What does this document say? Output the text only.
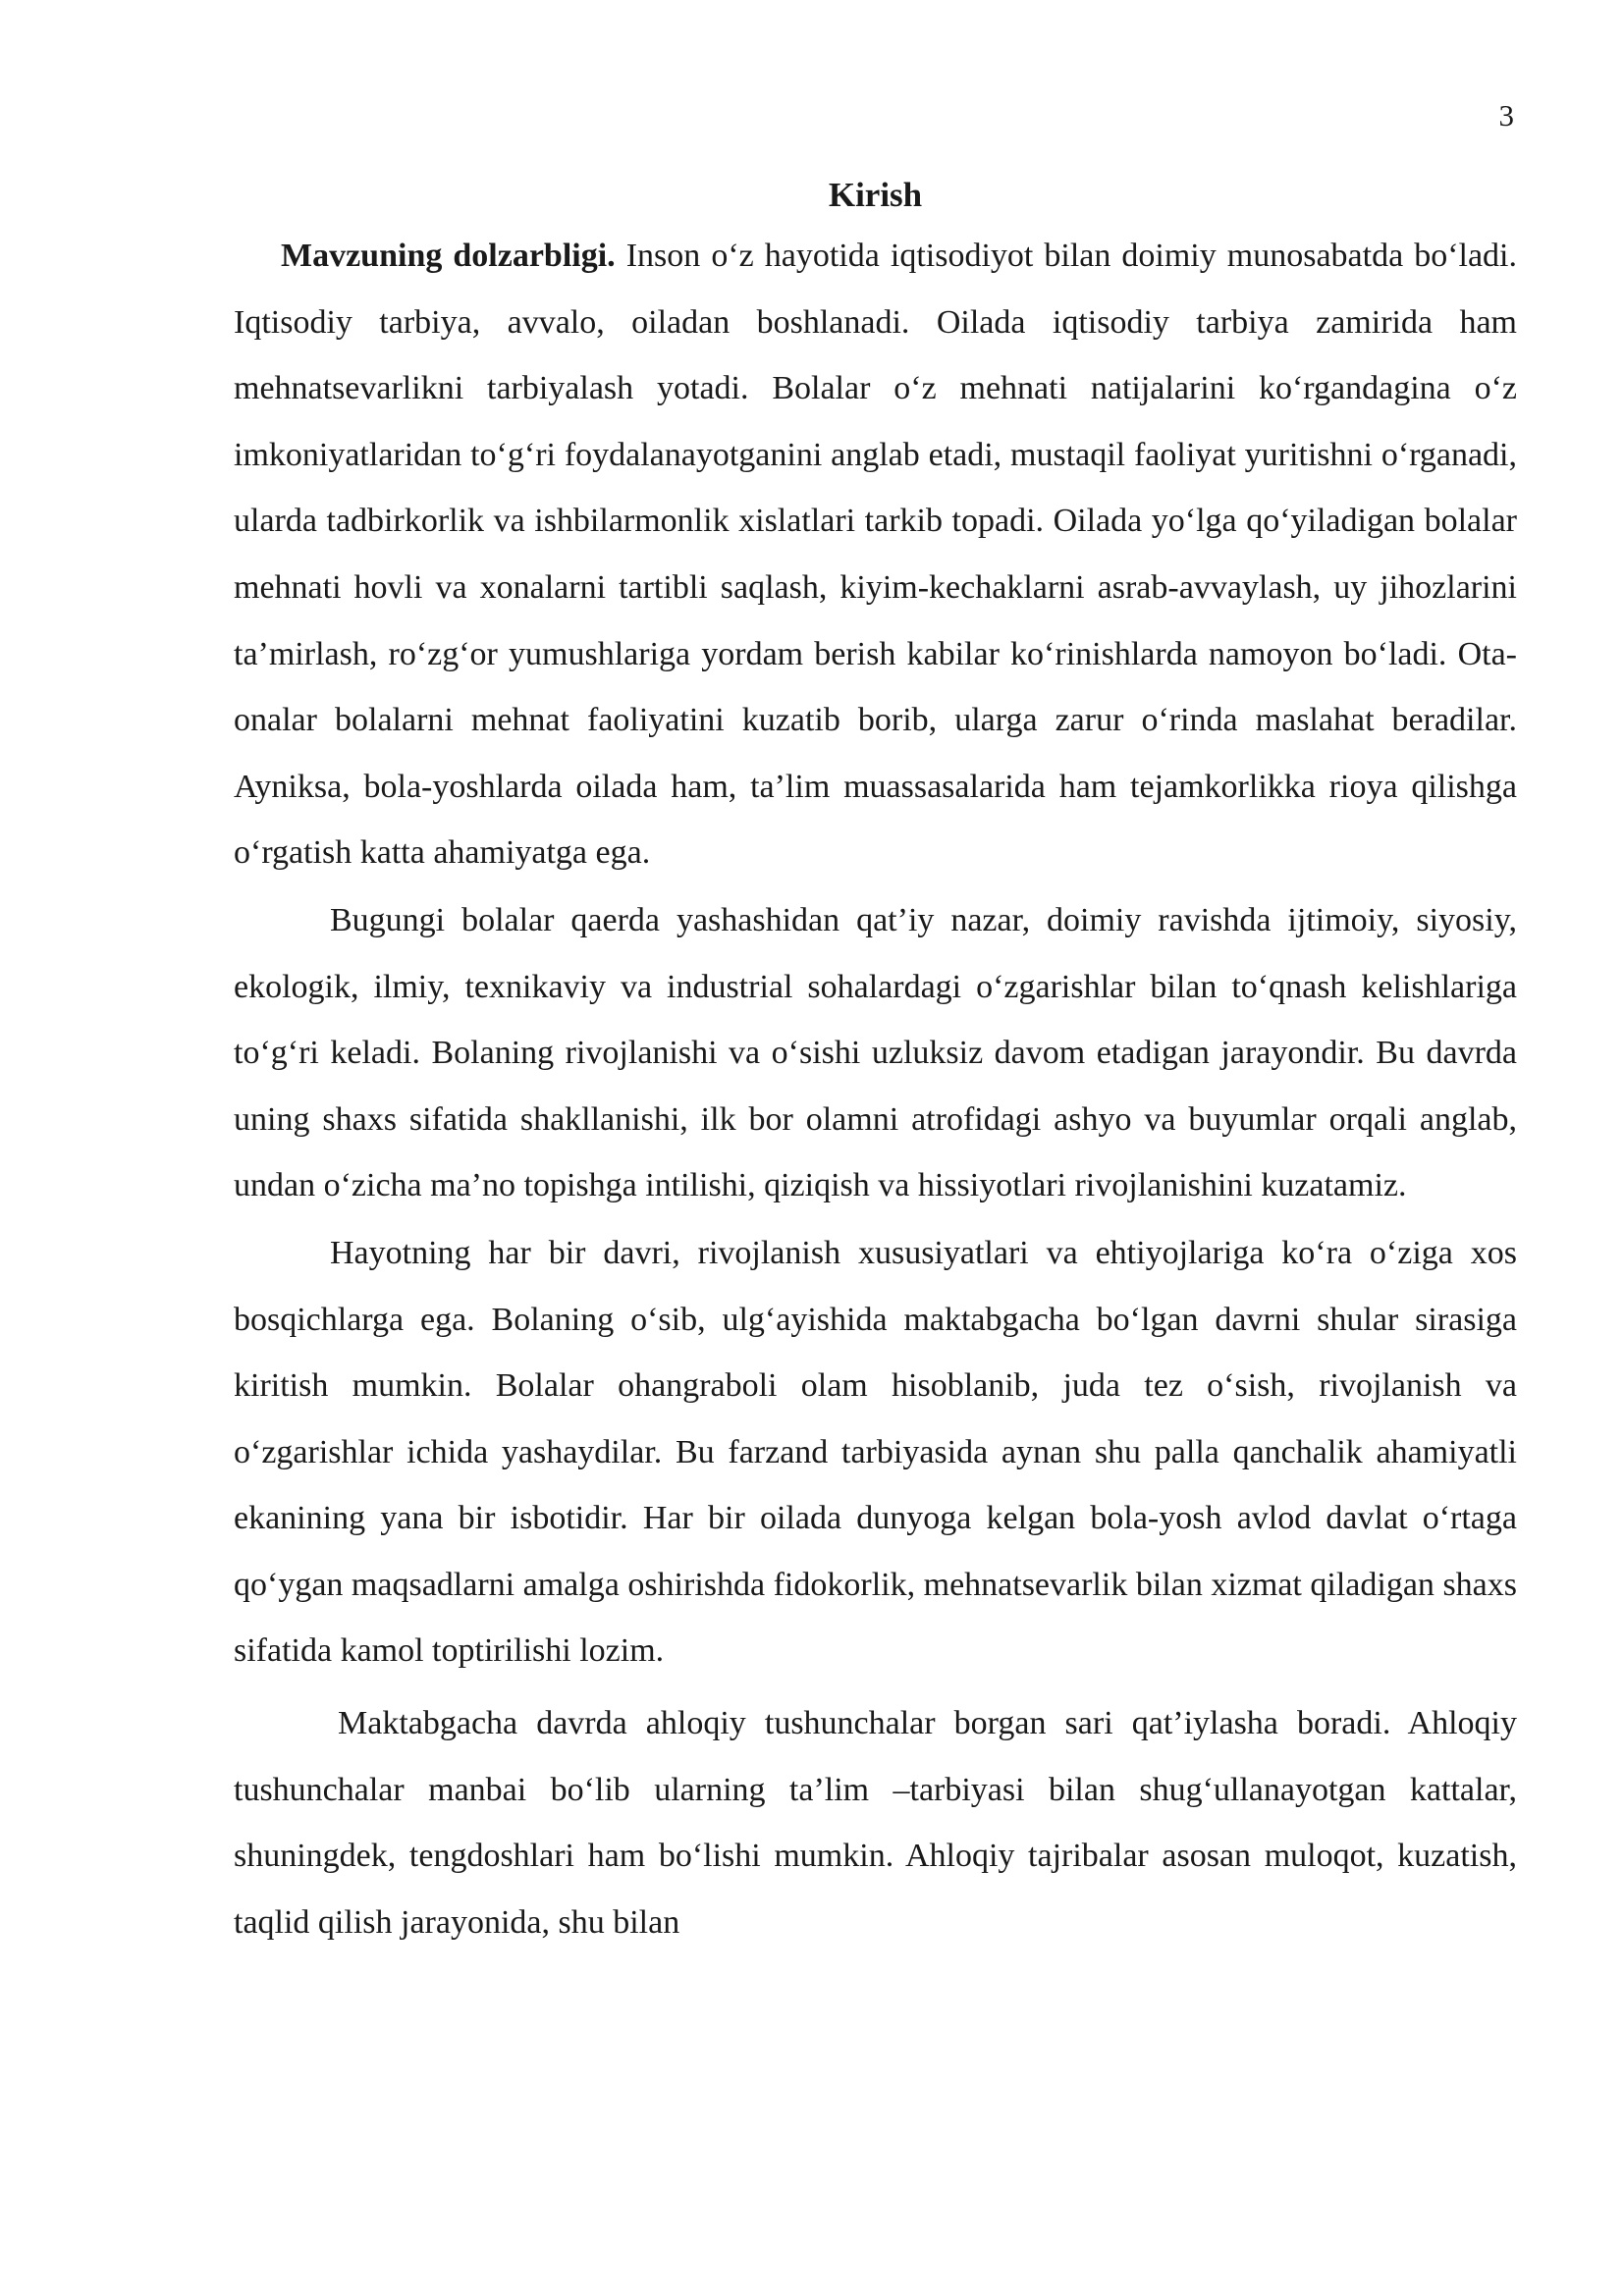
3
Kirish

Mavzuning dolzarbligi. Inson o‘z hayotida iqtisodiyot bilan doimiy munosabatda bo‘ladi. Iqtisodiy tarbiya, avvalo, oiladan boshlanadi. Oilada iqtisodiy tarbiya zamirida ham mehnatsevarlikni tarbiyalash yotadi. Bolalar o‘z mehnati natijalarini ko‘rgandagina o‘z imkoniyatlaridan to‘g‘ri foydalanayotganini anglab etadi, mustaqil faoliyat yuritishni o‘rganadi, ularda tadbirkorlik va ishbilarmonlik xislatlari tarkib topadi. Oilada yo‘lga qo‘yiladigan bolalar mehnati hovli va xonalarni tartibli saqlash, kiyim-kechaklarni asrab-avvaylash, uy jihozlarini ta’mirlash, ro‘zg‘or yumushlariga yordam berish kabilar ko‘rinishlarda namoyon bo‘ladi. Ota-onalar bolalarni mehnat faoliyatini kuzatib borib, ularga zarur o‘rinda maslahat beradilar. Ayniksa, bola-yoshlarda oilada ham, ta’lim muassasalarida ham tejamkorlikka rioya qilishga o‘rgatish katta ahamiyatga ega.

Bugungi bolalar qaerda yashashidan qat’iy nazar, doimiy ravishda ijtimoiy, siyosiy, ekologik, ilmiy, texnikaviy va industrial sohalardagi o‘zgarishlar bilan to‘qnash kelishlariga to‘g‘ri keladi. Bolaning rivojlanishi va o‘sishi uzluksiz davom etadigan jarayondir. Bu davrda uning shaxs sifatida shakllanishi, ilk bor olamni atrofidagi ashyo va buyumlar orqali anglab, undan o‘zicha ma’no topishga intilishi, qiziqish va hissiyotlari rivojlanishini kuzatamiz.

Hayotning har bir davri, rivojlanish xususiyatlari va ehtiyojlariga ko‘ra o‘ziga xos bosqichlarga ega. Bolaning o‘sib, ulg‘ayishida maktabgacha bo‘lgan davrni shular sirasiga kiritish mumkin. Bolalar ohangraboli olam hisoblanib, juda tez o‘sish, rivojlanish va o‘zgarishlar ichida yashaydilar. Bu farzand tarbiyasida aynan shu palla qanchalik ahamiyatli ekanining yana bir isbotidir. Har bir oilada dunyoga kelgan bola-yosh avlod davlat o‘rtaga qo‘ygan maqsadlarni amalga oshirishda fidokorlik, mehnatsevarlik bilan xizmat qiladigan shaxs sifatida kamol toptirilishi lozim.

Maktabgacha davrda ahloqiy tushunchalar borgan sari qat’iylasha boradi. Ahloqiy tushunchalar manbai bo‘lib ularning ta’lim –tarbiyasi bilan shug‘ullanayotgan kattalar, shuningdek, tengdoshlari ham bo‘lishi mumkin. Ahloqiy tajribalar asosan muloqot, kuzatish, taqlid qilish jarayonida, shu bilan
